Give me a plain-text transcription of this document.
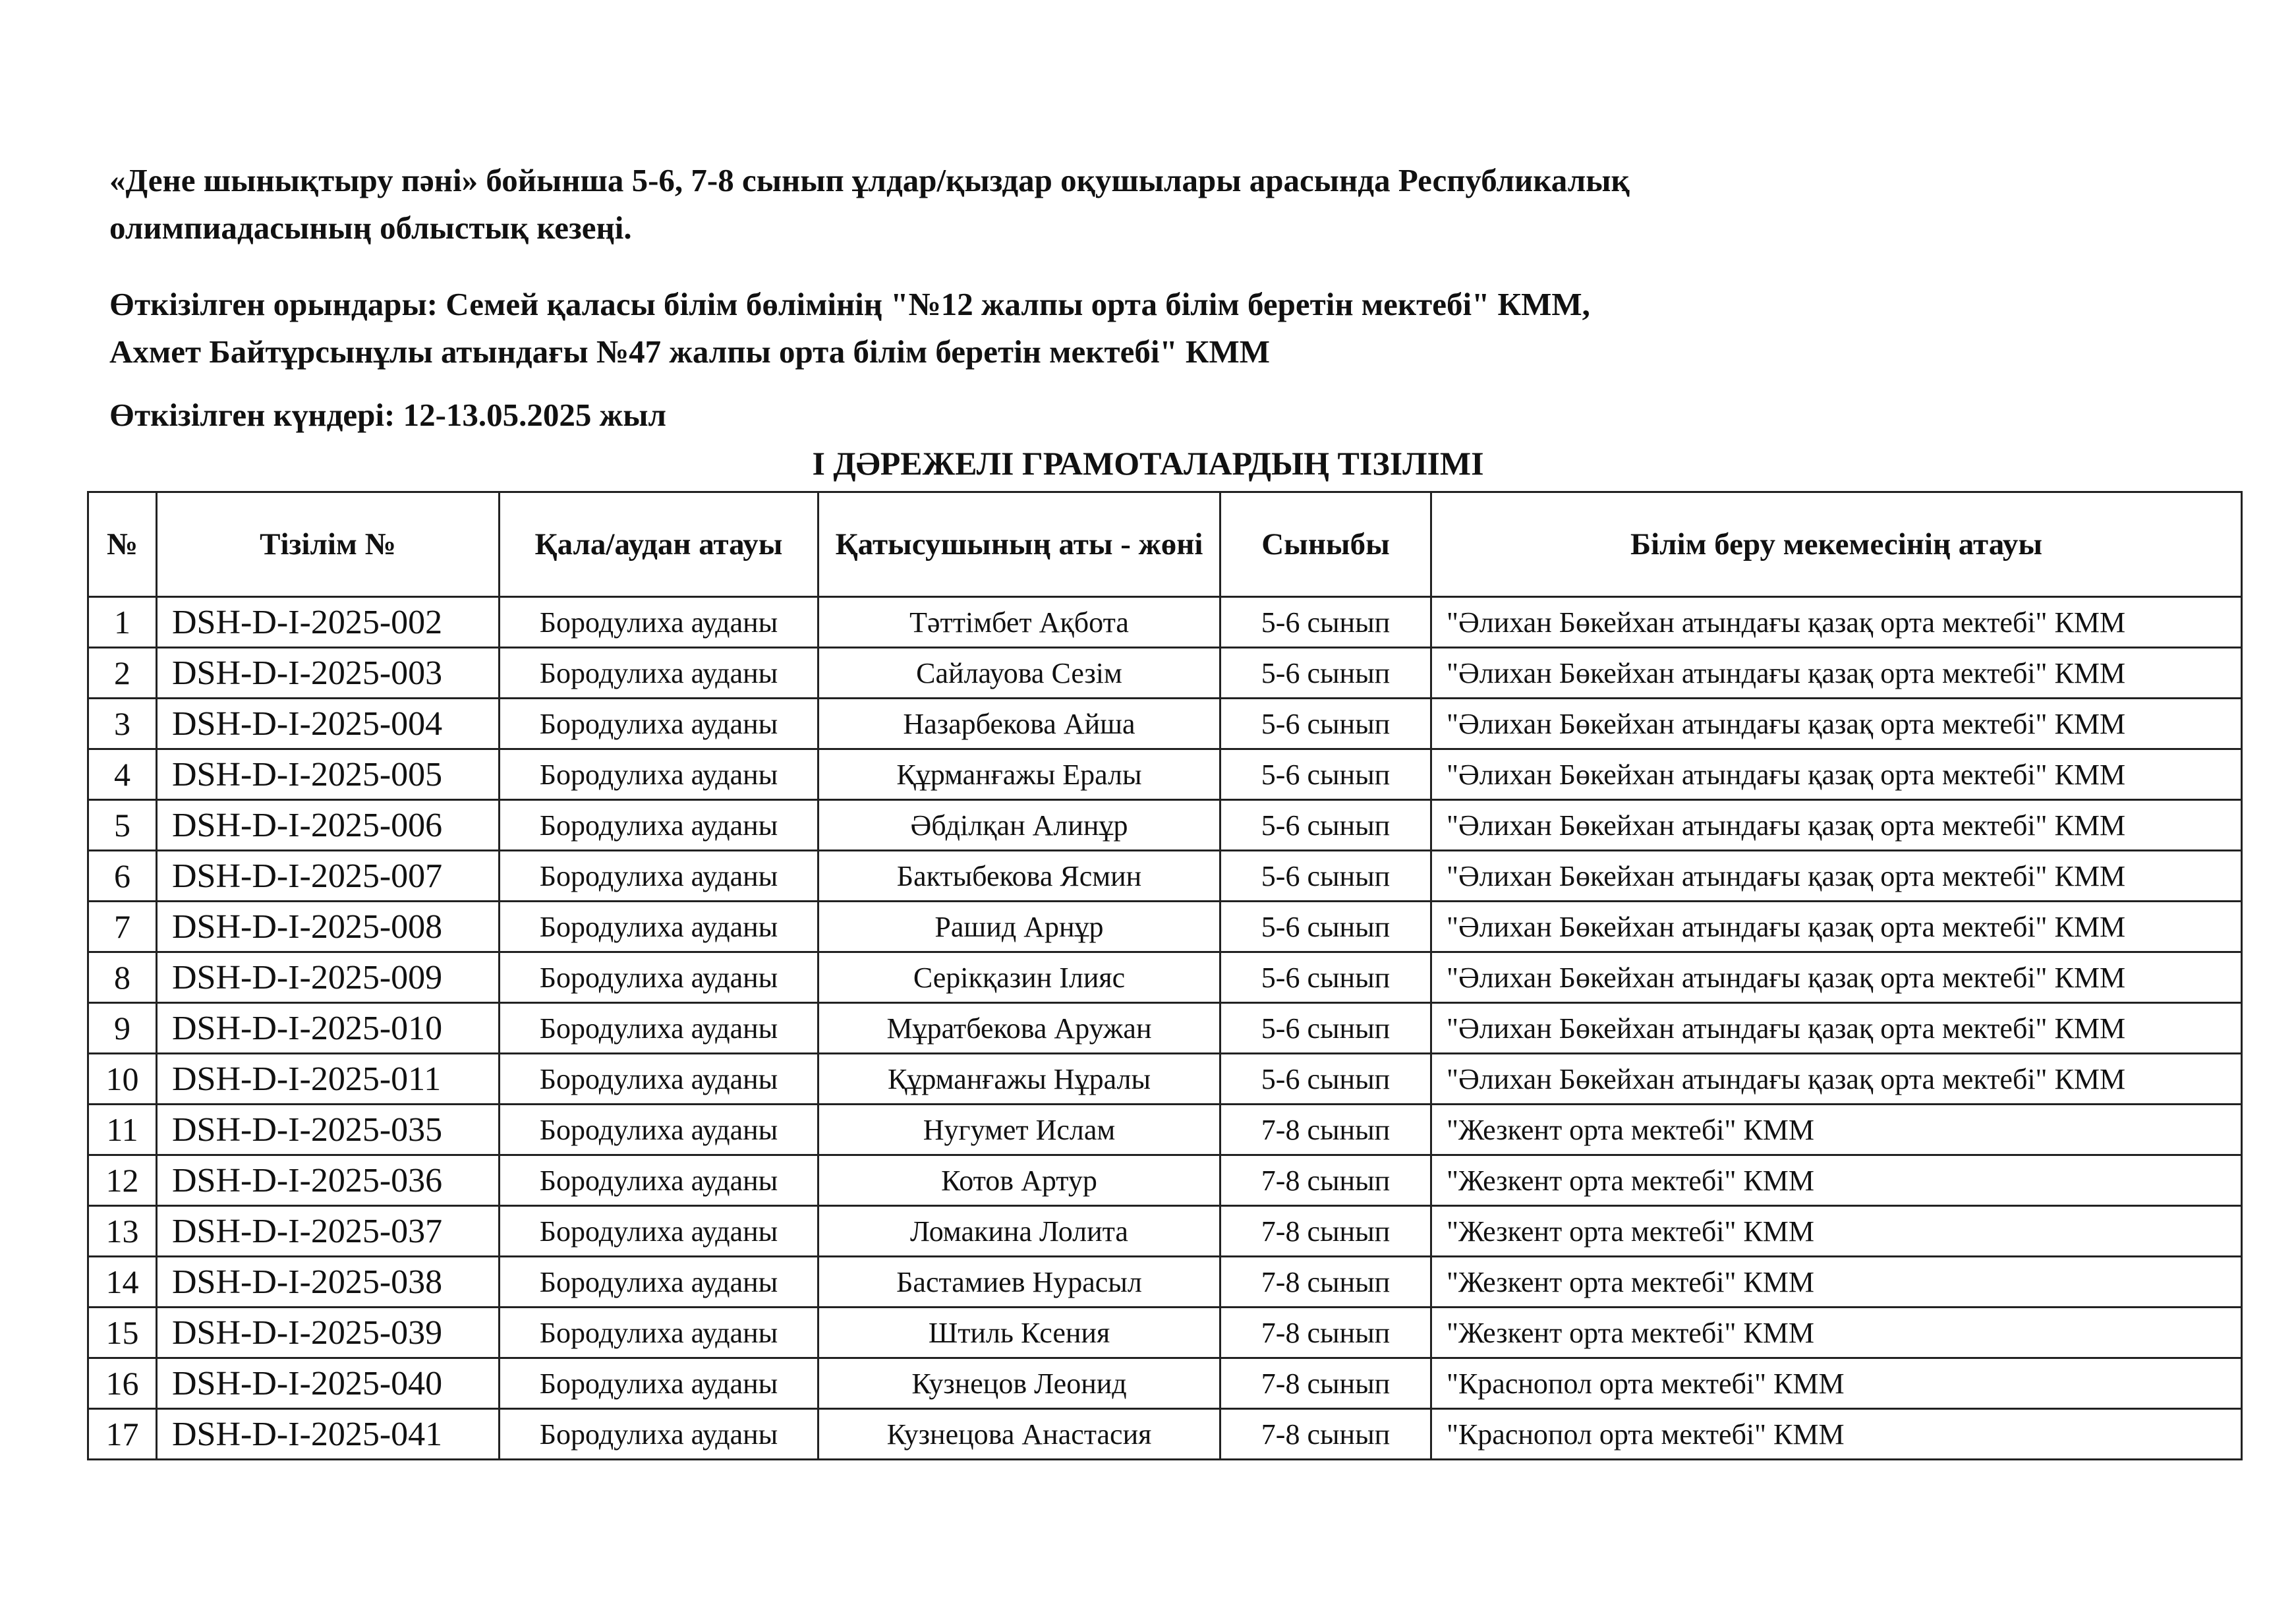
«Дене шынықтыру пәні» бойынша 5-6, 7-8 сынып ұлдар/қыздар оқушылары арасында Республикалық
олимпиадасының облыстық кезеңі.
Өткізілген орындары: Семей қаласы білім бөлімінің "№12 жалпы орта білім беретін мектебі" КММ,
Ахмет Байтұрсынұлы атындағы №47 жалпы орта білім беретін мектебі" КММ
Өткізілген күндері: 12-13.05.2025 жыл
I ДӘРЕЖЕЛІ ГРАМОТАЛАРДЫҢ ТІЗІЛІМІ
№	Тізілім №	Қала/аудан атауы	Қатысушының аты - жөні	Сыныбы	Білім беру мекемесінің атауы
1	DSH-D-I-2025-002	Бородулиха ауданы	Тәттімбет Ақбота	5-6 сынып	"Әлихан Бөкейхан атындағы қазақ орта мектебі" КММ
2	DSH-D-I-2025-003	Бородулиха ауданы	Сайлауова Сезім	5-6 сынып	"Әлихан Бөкейхан атындағы қазақ орта мектебі" КММ
3	DSH-D-I-2025-004	Бородулиха ауданы	Назарбекова Айша	5-6 сынып	"Әлихан Бөкейхан атындағы қазақ орта мектебі" КММ
4	DSH-D-I-2025-005	Бородулиха ауданы	Құрманғажы Ералы	5-6 сынып	"Әлихан Бөкейхан атындағы қазақ орта мектебі" КММ
5	DSH-D-I-2025-006	Бородулиха ауданы	Әбділқан Алинұр	5-6 сынып	"Әлихан Бөкейхан атындағы қазақ орта мектебі" КММ
6	DSH-D-I-2025-007	Бородулиха ауданы	Бактыбекова Ясмин	5-6 сынып	"Әлихан Бөкейхан атындағы қазақ орта мектебі" КММ
7	DSH-D-I-2025-008	Бородулиха ауданы	Рашид Арнұр	5-6 сынып	"Әлихан Бөкейхан атындағы қазақ орта мектебі" КММ
8	DSH-D-I-2025-009	Бородулиха ауданы	Серікқазин Ілияс	5-6 сынып	"Әлихан Бөкейхан атындағы қазақ орта мектебі" КММ
9	DSH-D-I-2025-010	Бородулиха ауданы	Мұратбекова Аружан	5-6 сынып	"Әлихан Бөкейхан атындағы қазақ орта мектебі" КММ
10	DSH-D-I-2025-011	Бородулиха ауданы	Құрманғажы Нұралы	5-6 сынып	"Әлихан Бөкейхан атындағы қазақ орта мектебі" КММ
11	DSH-D-I-2025-035	Бородулиха ауданы	Нугумет Ислам	7-8 сынып	"Жезкент орта мектебі" КММ
12	DSH-D-I-2025-036	Бородулиха ауданы	Котов Артур	7-8 сынып	"Жезкент орта мектебі" КММ
13	DSH-D-I-2025-037	Бородулиха ауданы	Ломакина Лолита	7-8 сынып	"Жезкент орта мектебі" КММ
14	DSH-D-I-2025-038	Бородулиха ауданы	Бастамиев Нурасыл	7-8 сынып	"Жезкент орта мектебі" КММ
15	DSH-D-I-2025-039	Бородулиха ауданы	Штиль Ксения	7-8 сынып	"Жезкент орта мектебі" КММ
16	DSH-D-I-2025-040	Бородулиха ауданы	Кузнецов Леонид	7-8 сынып	"Краснопол орта мектебі" КММ
17	DSH-D-I-2025-041	Бородулиха ауданы	Кузнецова Анастасия	7-8 сынып	"Краснопол орта мектебі" КММ
